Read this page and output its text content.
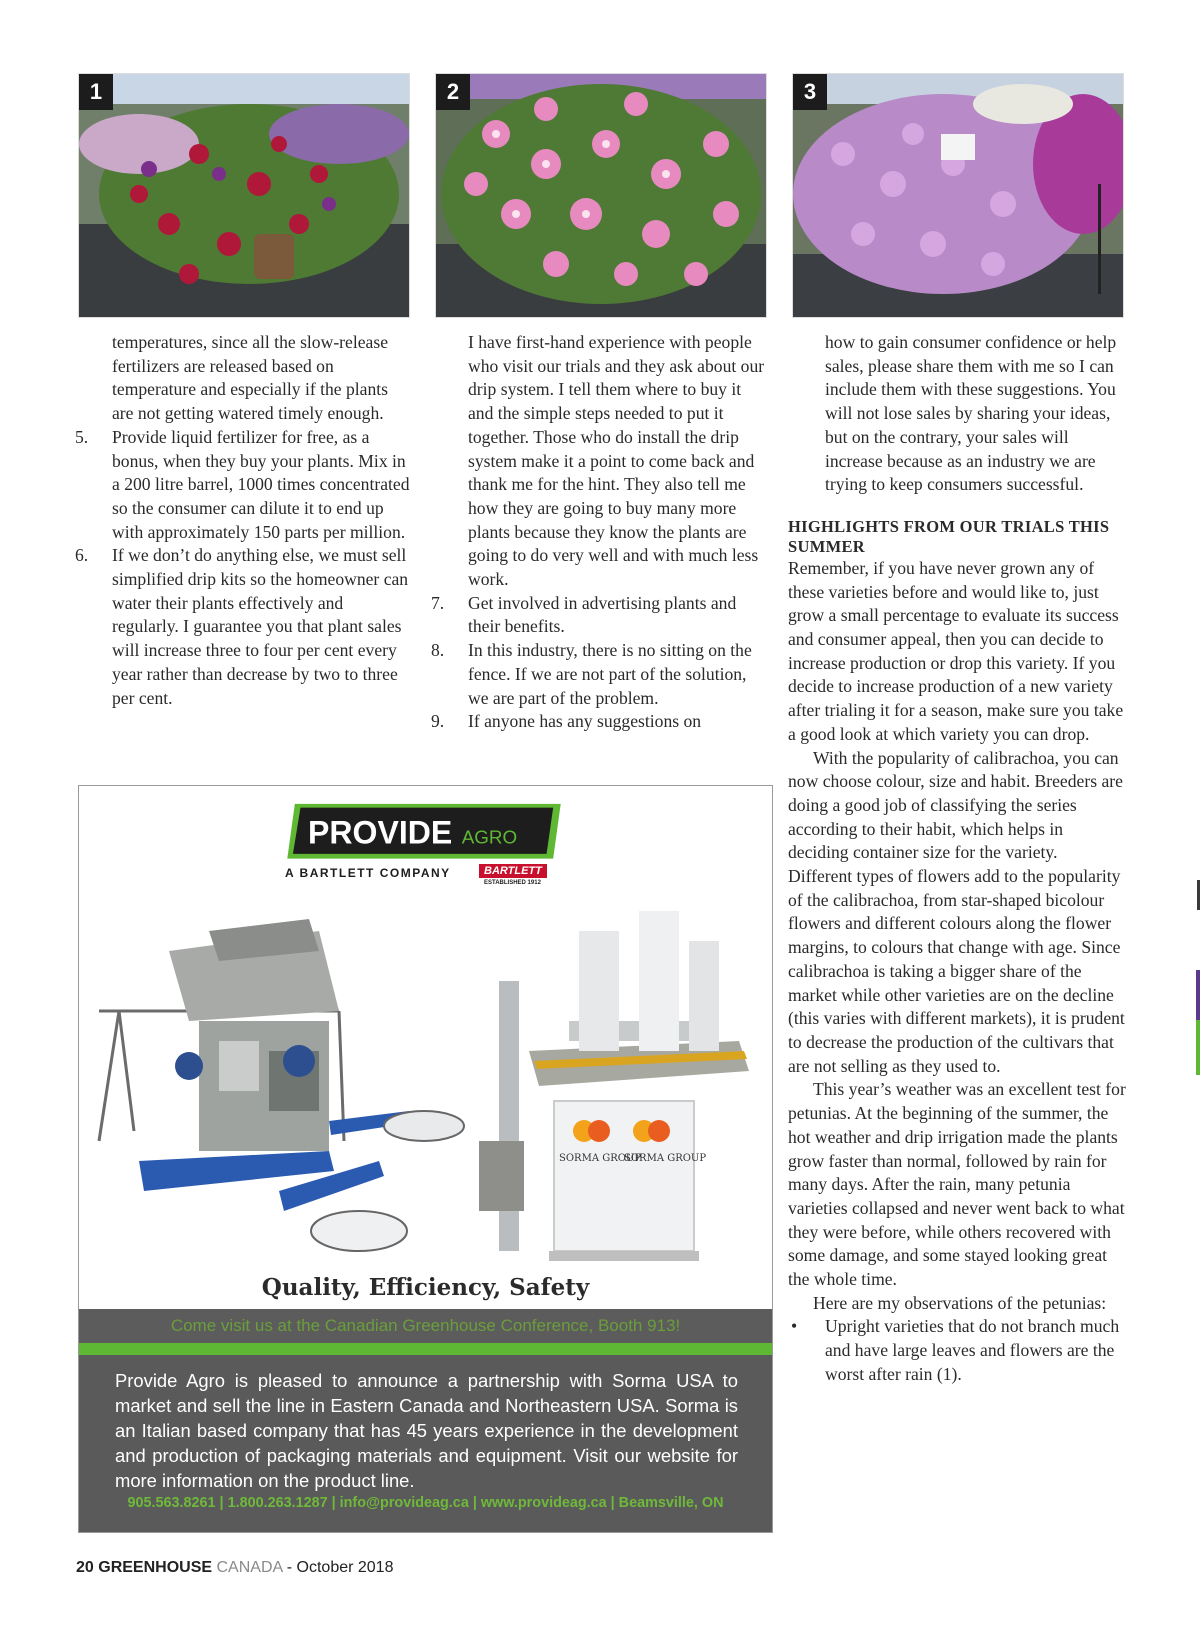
1	2	3

temperatures, since all the slow-release fertilizers are released based on temperature and especially if the plants are not getting watered timely enough.

5. Provide liquid fertilizer for free, as a bonus, when they buy your plants. Mix in a 200 litre barrel, 1000 times concentrated so the consumer can dilute it to end up with approximately 150 parts per million.

6. If we don’t do anything else, we must sell simplified drip kits so the homeowner can water their plants effectively and regularly. I guarantee you that plant sales will increase three to four per cent every year rather than decrease by two to three per cent.

I have first-hand experience with people who visit our trials and they ask about our drip system. I tell them where to buy it and the simple steps needed to put it together. Those who do install the drip system make it a point to come back and thank me for the hint. They also tell me how they are going to buy many more plants because they know the plants are going to do very well and with much less work.

7. Get involved in advertising plants and their benefits.

8. In this industry, there is no sitting on the fence. If we are not part of the solution, we are part of the problem.

9. If anyone has any suggestions on

how to gain consumer confidence or help sales, please share them with me so I can include them with these suggestions. You will not lose sales by sharing your ideas, but on the contrary, your sales will increase because as an industry we are trying to keep consumers successful.

HIGHLIGHTS FROM OUR TRIALS THIS SUMMER

Remember, if you have never grown any of these varieties before and would like to, just grow a small percentage to evaluate its success and consumer appeal, then you can decide to increase production or drop this variety. If you decide to increase production of a new variety after trialing it for a season, make sure you take a good look at which variety you can drop.

With the popularity of calibrachoa, you can now choose colour, size and habit. Breeders are doing a good job of classifying the series according to their habit, which helps in deciding container size for the variety. Different types of flowers add to the popularity of the calibrachoa, from star-shaped bicolour flowers and different colours along the flower margins, to colours that change with age. Since calibrachoa is taking a bigger share of the market while other varieties are on the decline (this varies with different markets), it is prudent to decrease the production of the cultivars that are not selling as they used to.

This year’s weather was an excellent test for petunias. At the beginning of the summer, the hot weather and drip irrigation made the plants grow faster than normal, followed by rain for many days. After the rain, many petunia varieties collapsed and never went back to what they were before, while others recovered with some damage, and some stayed looking great the whole time.

Here are my observations of the petunias:

• Upright varieties that do not branch much and have large leaves and flowers are the worst after rain (1).

PROVIDE AGRO
A BARTLETT COMPANY	BARTLETT
ESTABLISHED 1912
SORMA GROUP
SORMA GROUP
Quality, Efficiency, Safety
Come visit us at the Canadian Greenhouse Conference, Booth 913!
Provide Agro is pleased to announce a partnership with Sorma USA to market and sell the line in Eastern Canada and Northeastern USA. Sorma is an Italian based company that has 45 years experience in the development and production of packaging materials and equipment. Visit our website for more information on the product line.
905.563.8261 | 1.800.263.1287 | info@provideag.ca | www.provideag.ca | Beamsville, ON
20 GREENHOUSE CANADA - October 2018
